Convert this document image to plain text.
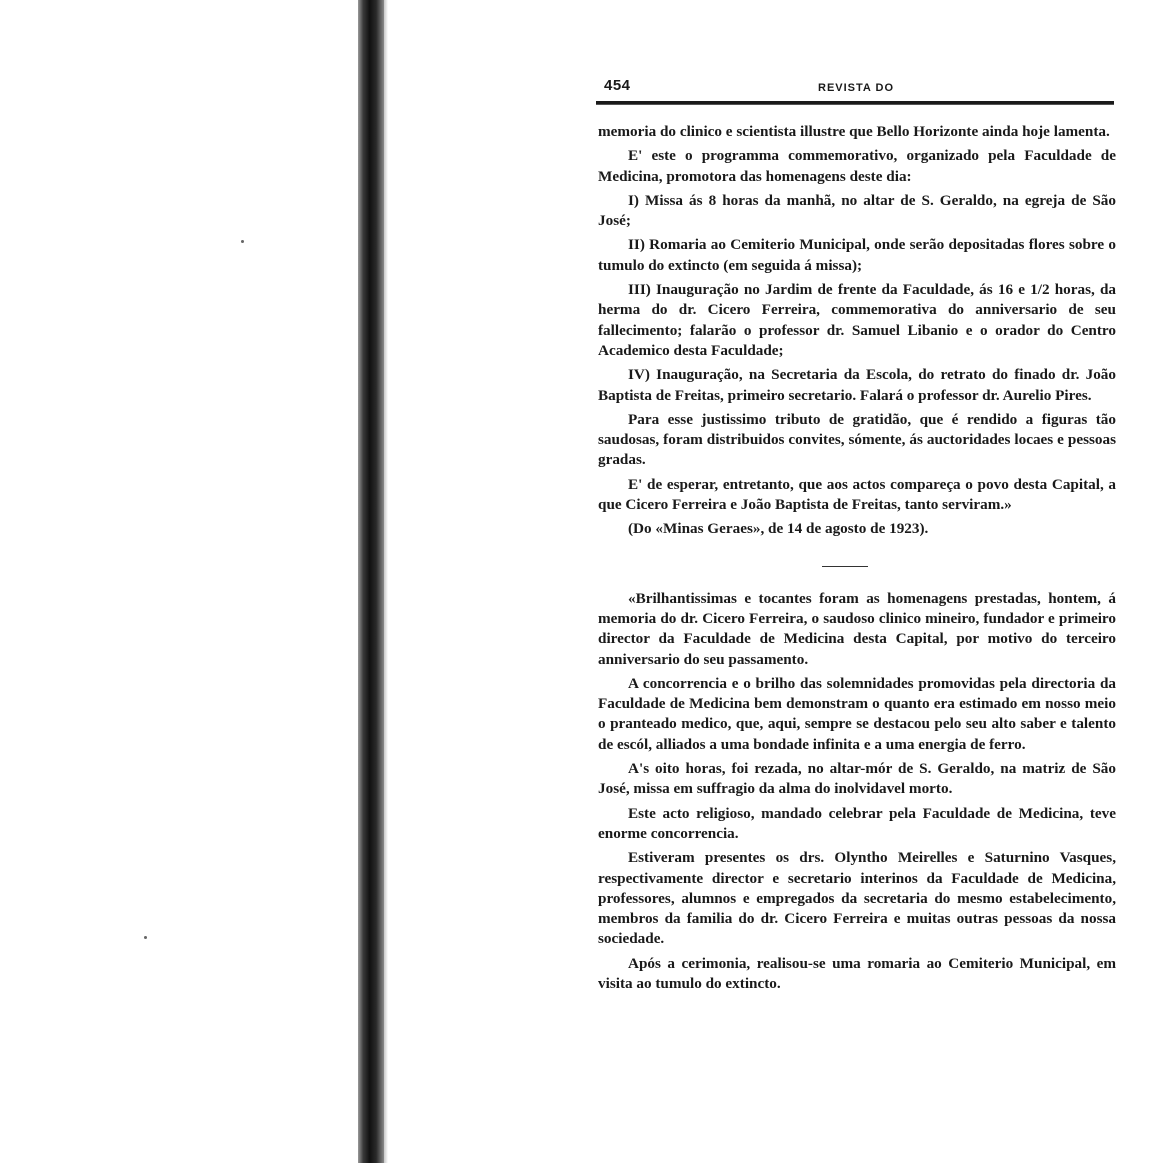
454	REVISTA DO

memoria do clinico e scientista illustre que Bello Horizonte ainda hoje lamenta.

E' este o programma commemorativo, organizado pela Faculdade de Medicina, promotora das homenagens deste dia:

I) Missa ás 8 horas da manhã, no altar de S. Geraldo, na egreja de São José;

II) Romaria ao Cemiterio Municipal, onde serão depositadas flores sobre o tumulo do extincto (em seguida á missa);

III) Inauguração no Jardim de frente da Faculdade, ás 16 e 1/2 horas, da herma do dr. Cicero Ferreira, commemorativa do anniversario de seu fallecimento; falarão o professor dr. Samuel Libanio e o orador do Centro Academico desta Faculdade;

IV) Inauguração, na Secretaria da Escola, do retrato do finado dr. João Baptista de Freitas, primeiro secretario. Falará o professor dr. Aurelio Pires.

Para esse justissimo tributo de gratidão, que é rendido a figuras tão saudosas, foram distribuidos convites, sómente, ás auctoridades locaes e pessoas gradas.

E' de esperar, entretanto, que aos actos compareça o povo desta Capital, a que Cicero Ferreira e João Baptista de Freitas, tanto serviram.»

(Do «Minas Geraes», de 14 de agosto de 1923).

«Brilhantissimas e tocantes foram as homenagens prestadas, hontem, á memoria do dr. Cicero Ferreira, o saudoso clinico mineiro, fundador e primeiro director da Faculdade de Medicina desta Capital, por motivo do terceiro anniversario do seu passamento.

A concorrencia e o brilho das solemnidades promovidas pela directoria da Faculdade de Medicina bem demonstram o quanto era estimado em nosso meio o pranteado medico, que, aqui, sempre se destacou pelo seu alto saber e talento de escól, alliados a uma bondade infinita e a uma energia de ferro.

A's oito horas, foi rezada, no altar-mór de S. Geraldo, na matriz de São José, missa em suffragio da alma do inolvidavel morto.

Este acto religioso, mandado celebrar pela Faculdade de Medicina, teve enorme concorrencia.

Estiveram presentes os drs. Olyntho Meirelles e Saturnino Vasques, respectivamente director e secretario interinos da Faculdade de Medicina, professores, alumnos e empregados da secretaria do mesmo estabelecimento, membros da familia do dr. Cicero Ferreira e muitas outras pessoas da nossa sociedade.

Após a cerimonia, realisou-se uma romaria ao Cemiterio Municipal, em visita ao tumulo do extincto.
